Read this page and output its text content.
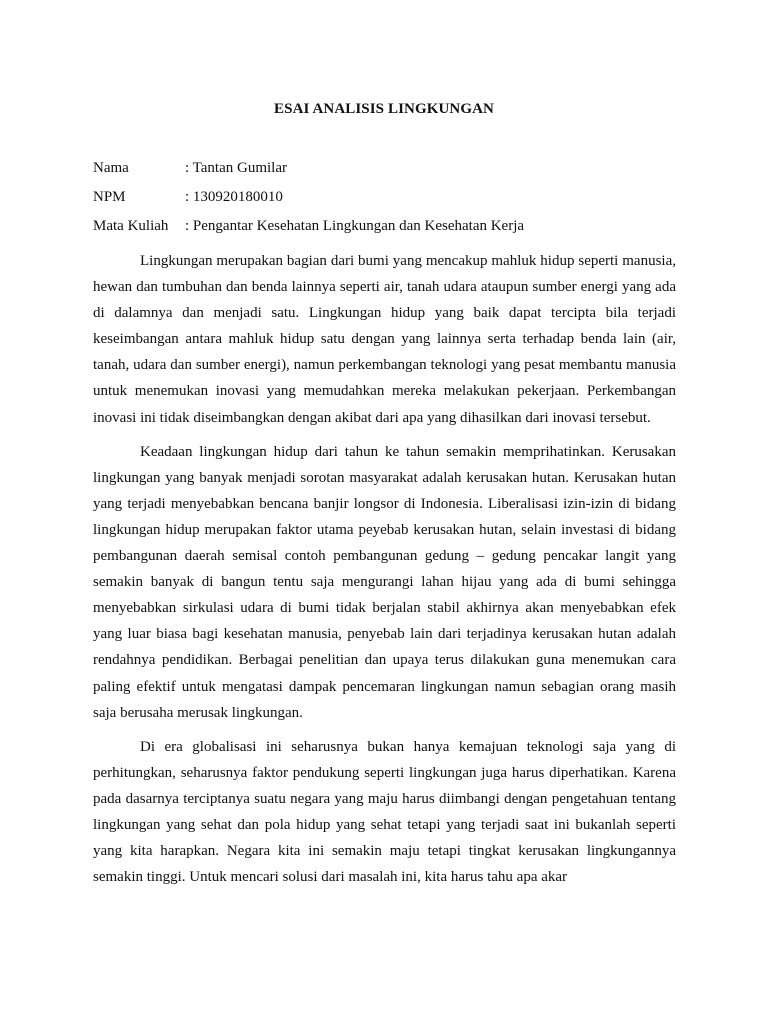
ESAI ANALISIS LINGKUNGAN
Nama	: Tantan Gumilar
NPM	: 130920180010
Mata Kuliah	: Pengantar Kesehatan Lingkungan dan Kesehatan Kerja

Lingkungan merupakan bagian dari bumi yang mencakup mahluk hidup seperti manusia, hewan dan tumbuhan dan benda lainnya seperti air, tanah udara ataupun sumber energi yang ada di dalamnya dan menjadi satu. Lingkungan hidup yang baik dapat tercipta bila terjadi keseimbangan antara mahluk hidup satu dengan yang lainnya serta terhadap benda lain (air, tanah, udara dan sumber energi), namun perkembangan teknologi yang pesat membantu manusia untuk menemukan inovasi yang memudahkan mereka melakukan pekerjaan. Perkembangan inovasi ini tidak diseimbangkan dengan akibat dari apa yang dihasilkan dari inovasi tersebut.

Keadaan lingkungan hidup dari tahun ke tahun semakin memprihatinkan. Kerusakan lingkungan yang banyak menjadi sorotan masyarakat adalah kerusakan hutan. Kerusakan hutan yang terjadi menyebabkan bencana banjir longsor di Indonesia. Liberalisasi izin-izin di bidang lingkungan hidup merupakan faktor utama peyebab kerusakan hutan, selain investasi di bidang pembangunan daerah semisal contoh pembangunan gedung – gedung pencakar langit yang semakin banyak di bangun tentu saja mengurangi lahan hijau yang ada di bumi sehingga menyebabkan sirkulasi udara di bumi tidak berjalan stabil akhirnya akan menyebabkan efek yang luar biasa bagi kesehatan manusia, penyebab lain dari terjadinya kerusakan hutan adalah rendahnya pendidikan. Berbagai penelitian dan upaya terus dilakukan guna menemukan cara paling efektif untuk mengatasi dampak pencemaran lingkungan namun sebagian orang masih saja berusaha merusak lingkungan.

Di era globalisasi ini seharusnya bukan hanya kemajuan teknologi saja yang di perhitungkan, seharusnya faktor pendukung seperti lingkungan juga harus diperhatikan. Karena pada dasarnya terciptanya suatu negara yang maju harus diimbangi dengan pengetahuan tentang lingkungan yang sehat dan pola hidup yang sehat tetapi yang terjadi saat ini bukanlah seperti yang kita harapkan. Negara kita ini semakin maju tetapi tingkat kerusakan lingkungannya semakin tinggi. Untuk mencari solusi dari masalah ini, kita harus tahu apa akar
